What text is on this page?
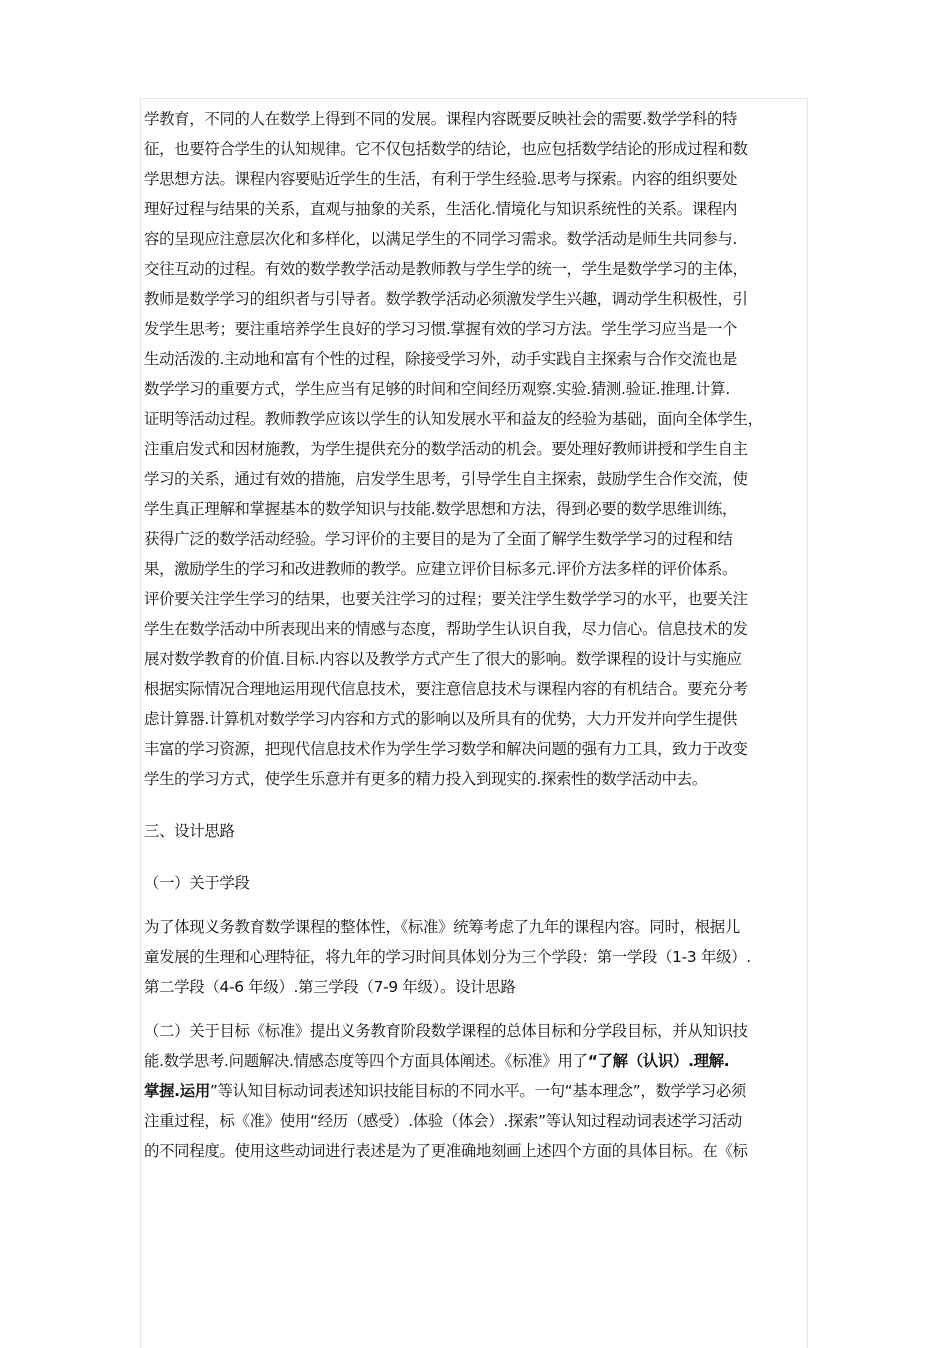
学教育，不同的人在数学上得到不同的发展。课程内容既要反映社会的需要.数学学科的特
征，也要符合学生的认知规律。它不仅包括数学的结论，也应包括数学结论的形成过程和数
学思想方法。课程内容要贴近学生的生活，有利于学生经验.思考与探索。内容的组织要处
理好过程与结果的关系，直观与抽象的关系，生活化.情境化与知识系统性的关系。课程内
容的呈现应注意层次化和多样化，以满足学生的不同学习需求。数学活动是师生共同参与.
交往互动的过程。有效的数学教学活动是教师教与学生学的统一，学生是数学学习的主体，
教师是数学学习的组织者与引导者。数学教学活动必须激发学生兴趣，调动学生积极性，引
发学生思考；要注重培养学生良好的学习习惯.掌握有效的学习方法。学生学习应当是一个
生动活泼的.主动地和富有个性的过程，除接受学习外，动手实践自主探索与合作交流也是
数学学习的重要方式，学生应当有足够的时间和空间经历观察.实验.猜测.验证.推理.计算.
证明等活动过程。教师教学应该以学生的认知发展水平和益友的经验为基础，面向全体学生，
注重启发式和因材施教，为学生提供充分的数学活动的机会。要处理好教师讲授和学生自主
学习的关系，通过有效的措施，启发学生思考，引导学生自主探索，鼓励学生合作交流，使
学生真正理解和掌握基本的数学知识与技能.数学思想和方法，得到必要的数学思维训练，
获得广泛的数学活动经验。学习评价的主要目的是为了全面了解学生数学学习的过程和结
果，激励学生的学习和改进教师的教学。应建立评价目标多元.评价方法多样的评价体系。
评价要关注学生学习的结果，也要关注学习的过程；要关注学生数学学习的水平，也要关注
学生在数学活动中所表现出来的情感与态度，帮助学生认识自我，尽力信心。信息技术的发
展对数学教育的价值.目标.内容以及教学方式产生了很大的影响。数学课程的设计与实施应
根据实际情况合理地运用现代信息技术，要注意信息技术与课程内容的有机结合。要充分考
虑计算器.计算机对数学学习内容和方式的影响以及所具有的优势，大力开发并向学生提供
丰富的学习资源，把现代信息技术作为学生学习数学和解决问题的强有力工具，致力于改变
学生的学习方式，使学生乐意并有更多的精力投入到现实的.探索性的数学活动中去。
三、设计思路
（一）关于学段
为了体现义务教育数学课程的整体性，《标准》统筹考虑了九年的课程内容。同时，根据儿
童发展的生理和心理特征，将九年的学习时间具体划分为三个学段：第一学段（1-3 年级）.
第二学段（4-6 年级）.第三学段（7-9 年级）。设计思路
（二）关于目标《标准》提出义务教育阶段数学课程的总体目标和分学段目标，并从知识技
能.数学思考.问题解决.情感态度等四个方面具体阐述。《标准》用了“了解（认识）.理解.
掌握.运用”等认知目标动词表述知识技能目标的不同水平。一句“基本理念”，数学学习必须
注重过程，标《准》使用“经历（感受）.体验（体会）.探索”等认知过程动词表述学习活动
的不同程度。使用这些动词进行表述是为了更准确地刻画上述四个方面的具体目标。在《标
